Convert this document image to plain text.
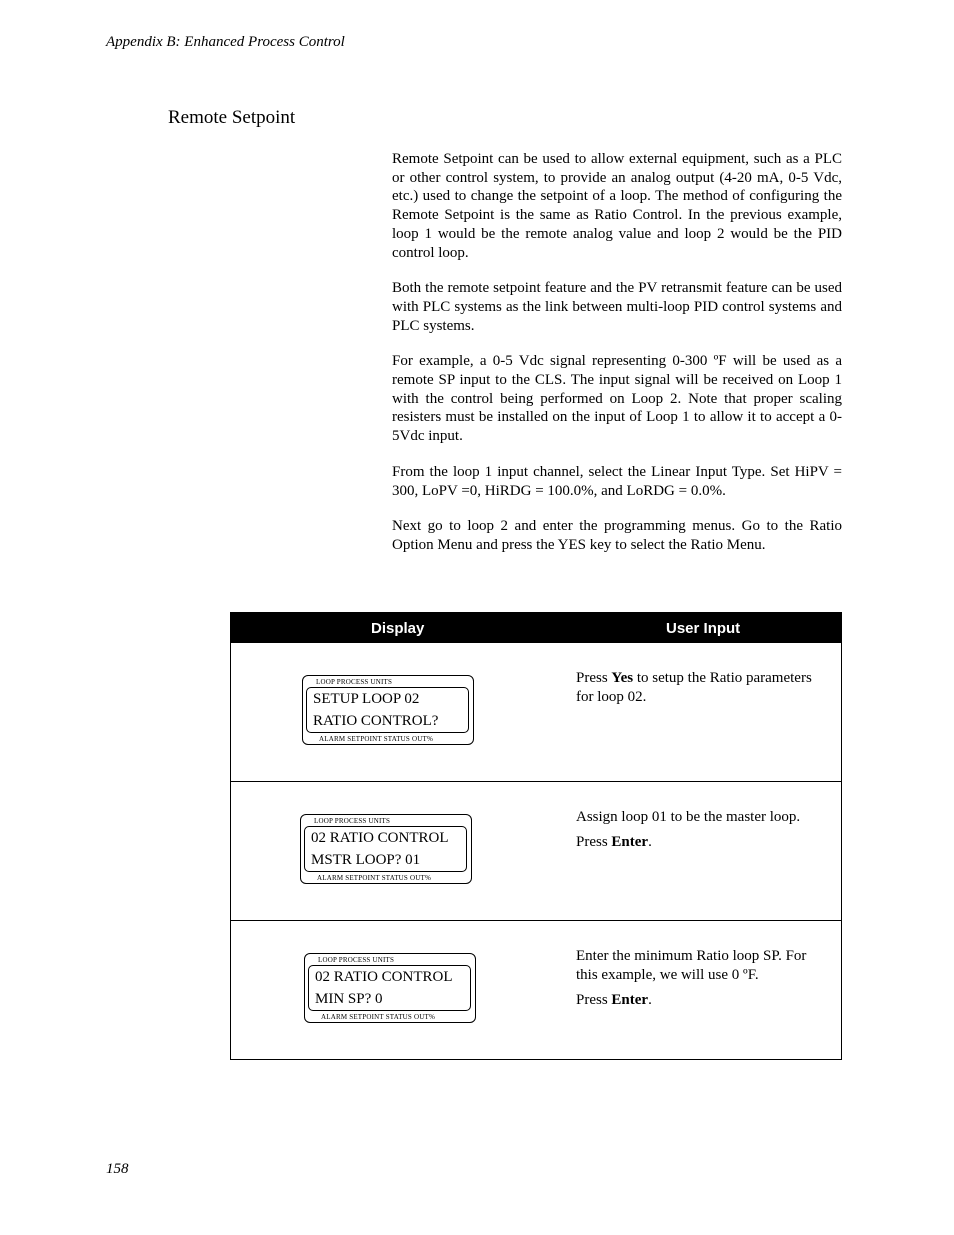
Appendix B: Enhanced Process Control
Remote Setpoint

Remote Setpoint can be used to allow external equipment, such as a PLC or other control system, to provide an analog output (4-20 mA, 0-5 Vdc, etc.) used to change the setpoint of a loop. The method of configuring the Remote Setpoint is the same as Ratio Control. In the previous example, loop 1 would be the remote analog value and loop 2 would be the PID control loop.

Both the remote setpoint feature and the PV retransmit feature can be used with PLC systems as the link between multi-loop PID control systems and PLC systems.

For example, a 0-5 Vdc signal representing 0-300 ºF will be used as a remote SP input to the CLS. The input signal will be received on Loop 1 with the control being performed on Loop 2. Note that proper scaling resisters must be installed on the input of Loop 1 to allow it to accept a 0-5Vdc input.

From the loop 1 input channel, select the Linear Input Type. Set HiPV = 300, LoPV =0, HiRDG = 100.0%, and LoRDG = 0.0%.

Next go to loop 2 and enter the programming menus. Go to the Ratio Option Menu and press the YES key to select the Ratio Menu.

Display	User Input
LOOP PROCESS UNITS
SETUP LOOP 02
RATIO CONTROL?
ALARM SETPOINT STATUS OUT%

Press Yes to setup the Ratio parameters for loop 02.

LOOP PROCESS UNITS
02 RATIO CONTROL
MSTR LOOP? 01
ALARM SETPOINT STATUS OUT%

Assign loop 01 to be the master loop.

Press Enter.

LOOP PROCESS UNITS
02 RATIO CONTROL
MIN SP? 0
ALARM SETPOINT STATUS OUT%

Enter the minimum Ratio loop SP. For this example, we will use 0 ºF.

Press Enter.

158
